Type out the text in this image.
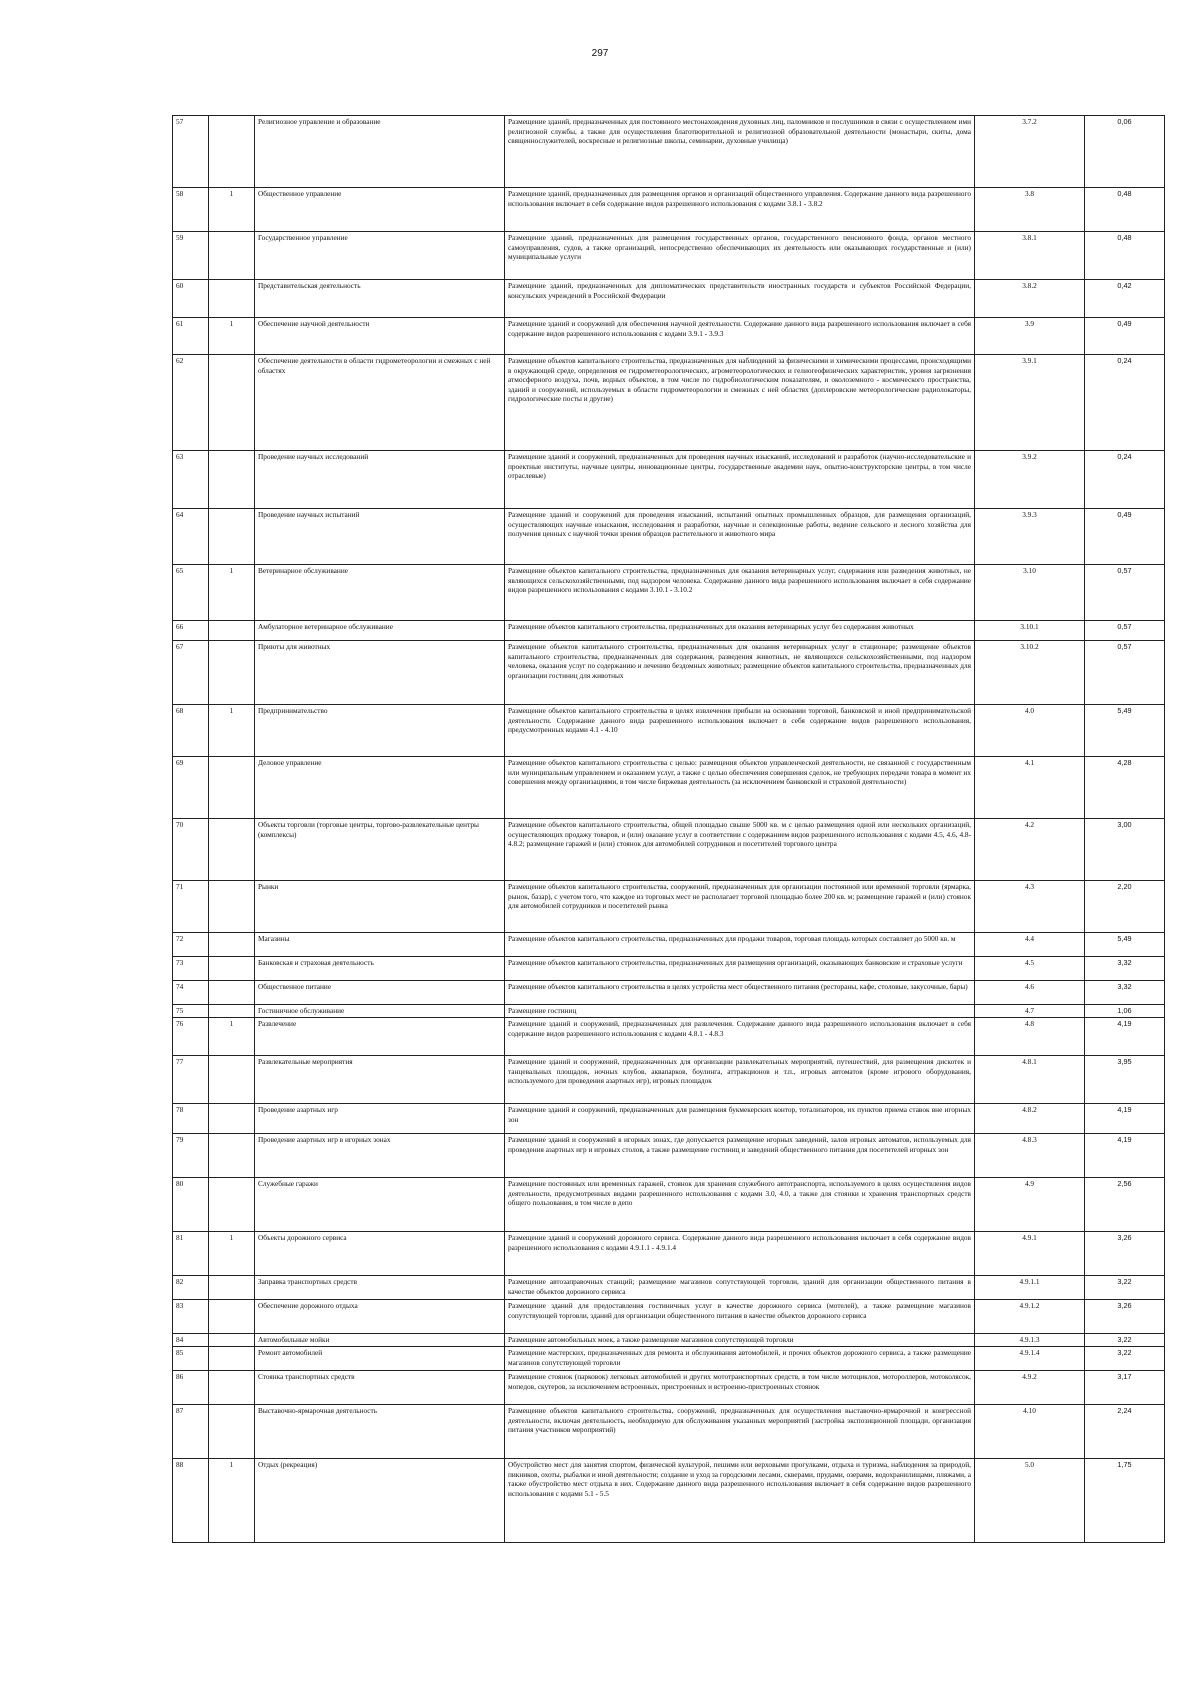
297
57		Религиозное управление и образование	Размещение зданий, предназначенных для постоянного местонахождения духовных лиц, паломников и послушников в связи с осуществлением ими религиозной службы, а также для осуществления благотворительной и религиозной образовательной деятельности (монастыри, скиты, дома священнослужителей, воскресные и религиозные школы, семинарии, духовные училища)	3.7.2	0,06
58	1	Общественное управление	Размещение зданий, предназначенных для размещения органов и организаций общественного управления. Содержание данного вида разрешенного использования включает в себя содержание видов разрешенного использования с кодами 3.8.1 - 3.8.2	3.8	0,48
59		Государственное управление	Размещение зданий, предназначенных для размещения государственных органов, государственного пенсионного фонда, органов местного самоуправления, судов, а также организаций, непосредственно обеспечивающих их деятельность или оказывающих государственные и (или) муниципальные услуги	3.8.1	0,48
60		Представительская деятельность	Размещение зданий, предназначенных для дипломатических представительств иностранных государств и субъектов Российской Федерации, консульских учреждений в Российской Федерации	3.8.2	0,42
61	1	Обеспечение научной деятельности	Размещение зданий и сооружений для обеспечения научной деятельности. Содержание данного вида разрешенного использования включает в себя содержание видов разрешенного использования с кодами 3.9.1 - 3.9.3	3.9	0,49
62		Обеспечение деятельности в области гидрометеорологии и смежных с ней областях	Размещение объектов капитального строительства, предназначенных для наблюдений за физическими и химическими процессами, происходящими в окружающей среде, определения ее гидрометеорологических, агрометеорологических и гелиогеофизических характеристик, уровня загрязнения атмосферного воздуха, почв, водных объектов, в том числе по гидробиологическим показателям, и околоземного - космического пространства, зданий и сооружений, используемых в области гидрометеорологии и смежных с ней областях (доплеровские метеорологические радиолокаторы, гидрологические посты и другие)	3.9.1	0,24
63		Проведение научных исследований	Размещение зданий и сооружений, предназначенных для проведения научных изысканий, исследований и разработок (научно-исследовательские и проектные институты, научные центры, инновационные центры, государственные академии наук, опытно-конструкторские центры, в том числе отраслевые)	3.9.2	0,24
64		Проведение научных испытаний	Размещение зданий и сооружений для проведения изысканий, испытаний опытных промышленных образцов, для размещения организаций, осуществляющих научные изыскания, исследования и разработки, научные и селекционные работы, ведение сельского и лесного хозяйства для получения ценных с научной точки зрения образцов растительного и животного мира	3.9.3	0,49
65	1	Ветеринарное обслуживание	Размещение объектов капитального строительства, предназначенных для оказания ветеринарных услуг, содержания или разведения животных, не являющихся сельскохозяйственными, под надзором человека. Содержание данного вида разрешенного использования включает в себя содержание видов разрешенного использования с кодами 3.10.1 - 3.10.2	3.10	0,57
66		Амбулаторное ветеринарное обслуживание	Размещение объектов капитального строительства, предназначенных для оказания ветеринарных услуг без содержания животных	3.10.1	0,57
67		Приюты для животных	Размещение объектов капитального строительства, предназначенных для оказания ветеринарных услуг в стационаре; размещение объектов капитального строительства, предназначенных для содержания, разведения животных, не являющихся сельскохозяйственными, под надзором человека, оказания услуг по содержанию и лечению бездомных животных; размещение объектов капитального строительства, предназначенных для организации гостиниц для животных	3.10.2	0,57
68	1	Предпринимательство	Размещение объектов капитального строительства в целях извлечения прибыли на основании торговой, банковской и иной предпринимательской деятельности. Содержание данного вида разрешенного использования включает в себя содержание видов разрешенного использования, предусмотренных кодами 4.1 - 4.10	4.0	5,49
69		Деловое управление	Размещение объектов капитального строительства с целью: размещения объектов управленческой деятельности, не связанной с государственным или муниципальным управлением и оказанием услуг, а также с целью обеспечения совершения сделок, не требующих передачи товара в момент их совершения между организациями, в том числе биржевая деятельность (за исключением банковской и страховой деятельности)	4.1	4,28
70		Объекты торговли (торговые центры, торгово-развлекательные центры (комплексы)	Размещение объектов капитального строительства, общей площадью свыше 5000 кв. м с целью размещения одной или нескольких организаций, осуществляющих продажу товаров, и (или) оказание услуг в соответствии с содержанием видов разрешенного использования с кодами 4.5, 4.6, 4.8- 4.8.2; размещение гаражей и (или) стоянок для автомобилей сотрудников и посетителей торгового центра	4.2	3,00
71		Рынки	Размещение объектов капитального строительства, сооружений, предназначенных для организации постоянной или временной торговли (ярмарка, рынок, базар), с учетом того, что каждое из торговых мест не располагает торговой площадью более 200 кв. м; размещение гаражей и (или) стоянок для автомобилей сотрудников и посетителей рынка	4.3	2,20
72		Магазины	Размещение объектов капитального строительства, предназначенных для продажи товаров, торговая площадь которых составляет до 5000 кв. м	4.4	5,49
73		Банковская и страховая деятельность	Размещение объектов капитального строительства, предназначенных для размещения организаций, оказывающих банковские и страховые услуги	4.5	3,32
74		Общественное питание	Размещение объектов капитального строительства в целях устройства мест общественного питания (рестораны, кафе, столовые, закусочные, бары)	4.6	3,32
75		Гостиничное обслуживание	Размещение гостиниц	4.7	1,06
76	1	Развлечение	Размещение зданий и сооружений, предназначенных для развлечения. Содержание данного вида разрешенного использования включает в себя содержание видов разрешенного использования с кодами 4.8.1 - 4.8.3	4.8	4,19
77		Развлекательные мероприятия	Размещение зданий и сооружений, предназначенных для организации развлекательных мероприятий, путешествий, для размещения дискотек и танцевальных площадок, ночных клубов, аквапарков, боулинга, аттракционов и т.п., игровых автоматов (кроме игрового оборудования, используемого для проведения азартных игр), игровых площадок	4.8.1	3,95
78		Проведение азартных игр	Размещение зданий и сооружений, предназначенных для размещения букмекерских контор, тотализаторов, их пунктов приема ставок вне игорных зон	4.8.2	4,19
79		Проведение азартных игр в игорных зонах	Размещение зданий и сооружений в игорных зонах, где допускается размещение игорных заведений, залов игровых автоматов, используемых для проведения азартных игр и игровых столов, а также размещение гостиниц и заведений общественного питания для посетителей игорных зон	4.8.3	4,19
80		Служебные гаражи	Размещение постоянных или временных гаражей, стоянок для хранения служебного автотранспорта, используемого в целях осуществления видов деятельности, предусмотренных видами разрешенного использования с кодами 3.0, 4.0, а также для стоянки и хранения транспортных средств общего пользования, в том числе в депо	4.9	2,56
81	1	Объекты дорожного сервиса	Размещение зданий и сооружений дорожного сервиса. Содержание данного вида разрешенного использования включает в себя содержание видов разрешенного использования с кодами 4.9.1.1 - 4.9.1.4	4.9.1	3,26
82		Заправка транспортных средств	Размещение автозаправочных станций; размещение магазинов сопутствующей торговли, зданий для организации общественного питания в качестве объектов дорожного сервиса	4.9.1.1	3,22
83		Обеспечение дорожного отдыха	Размещение зданий для предоставления гостиничных услуг в качестве дорожного сервиса (мотелей), а также размещение магазинов сопутствующей торговли, зданий для организации общественного питания в качестве объектов дорожного сервиса	4.9.1.2	3,26
84		Автомобильные мойки	Размещение автомобильных моек, а также размещение магазинов сопутствующей торговли	4.9.1.3	3,22
85		Ремонт автомобилей	Размещение мастерских, предназначенных для ремонта и обслуживания автомобилей, и прочих объектов дорожного сервиса, а также размещение магазинов сопутствующей торговли	4.9.1.4	3,22
86		Стоянка транспортных средств	Размещение стоянок (парковок) легковых автомобилей и других мототранспортных средств, в том числе мотоциклов, мотороллеров, мотоколясок, мопедов, скутеров, за исключением встроенных, пристроенных и встроенно-пристроенных стоянок	4.9.2	3,17
87		Выставочно-ярмарочная деятельность	Размещение объектов капитального строительства, сооружений, предназначенных для осуществления выставочно-ярмарочной и конгрессной деятельности, включая деятельность, необходимую для обслуживания указанных мероприятий (застройка экспозиционной площади, организация питания участников мероприятий)	4.10	2,24
88	1	Отдых (рекреация)	Обустройство мест для занятия спортом, физической культурой, пешими или верховыми прогулками, отдыха и туризма, наблюдения за природой, пикников, охоты, рыбалки и иной деятельности; создание и уход за городскими лесами, скверами, прудами, озерами, водохранилищами, пляжами, а также обустройство мест отдыха в них. Содержание данного вида разрешенного использования включает в себя содержание видов разрешенного использования с кодами 5.1 - 5.5	5.0	1,75
